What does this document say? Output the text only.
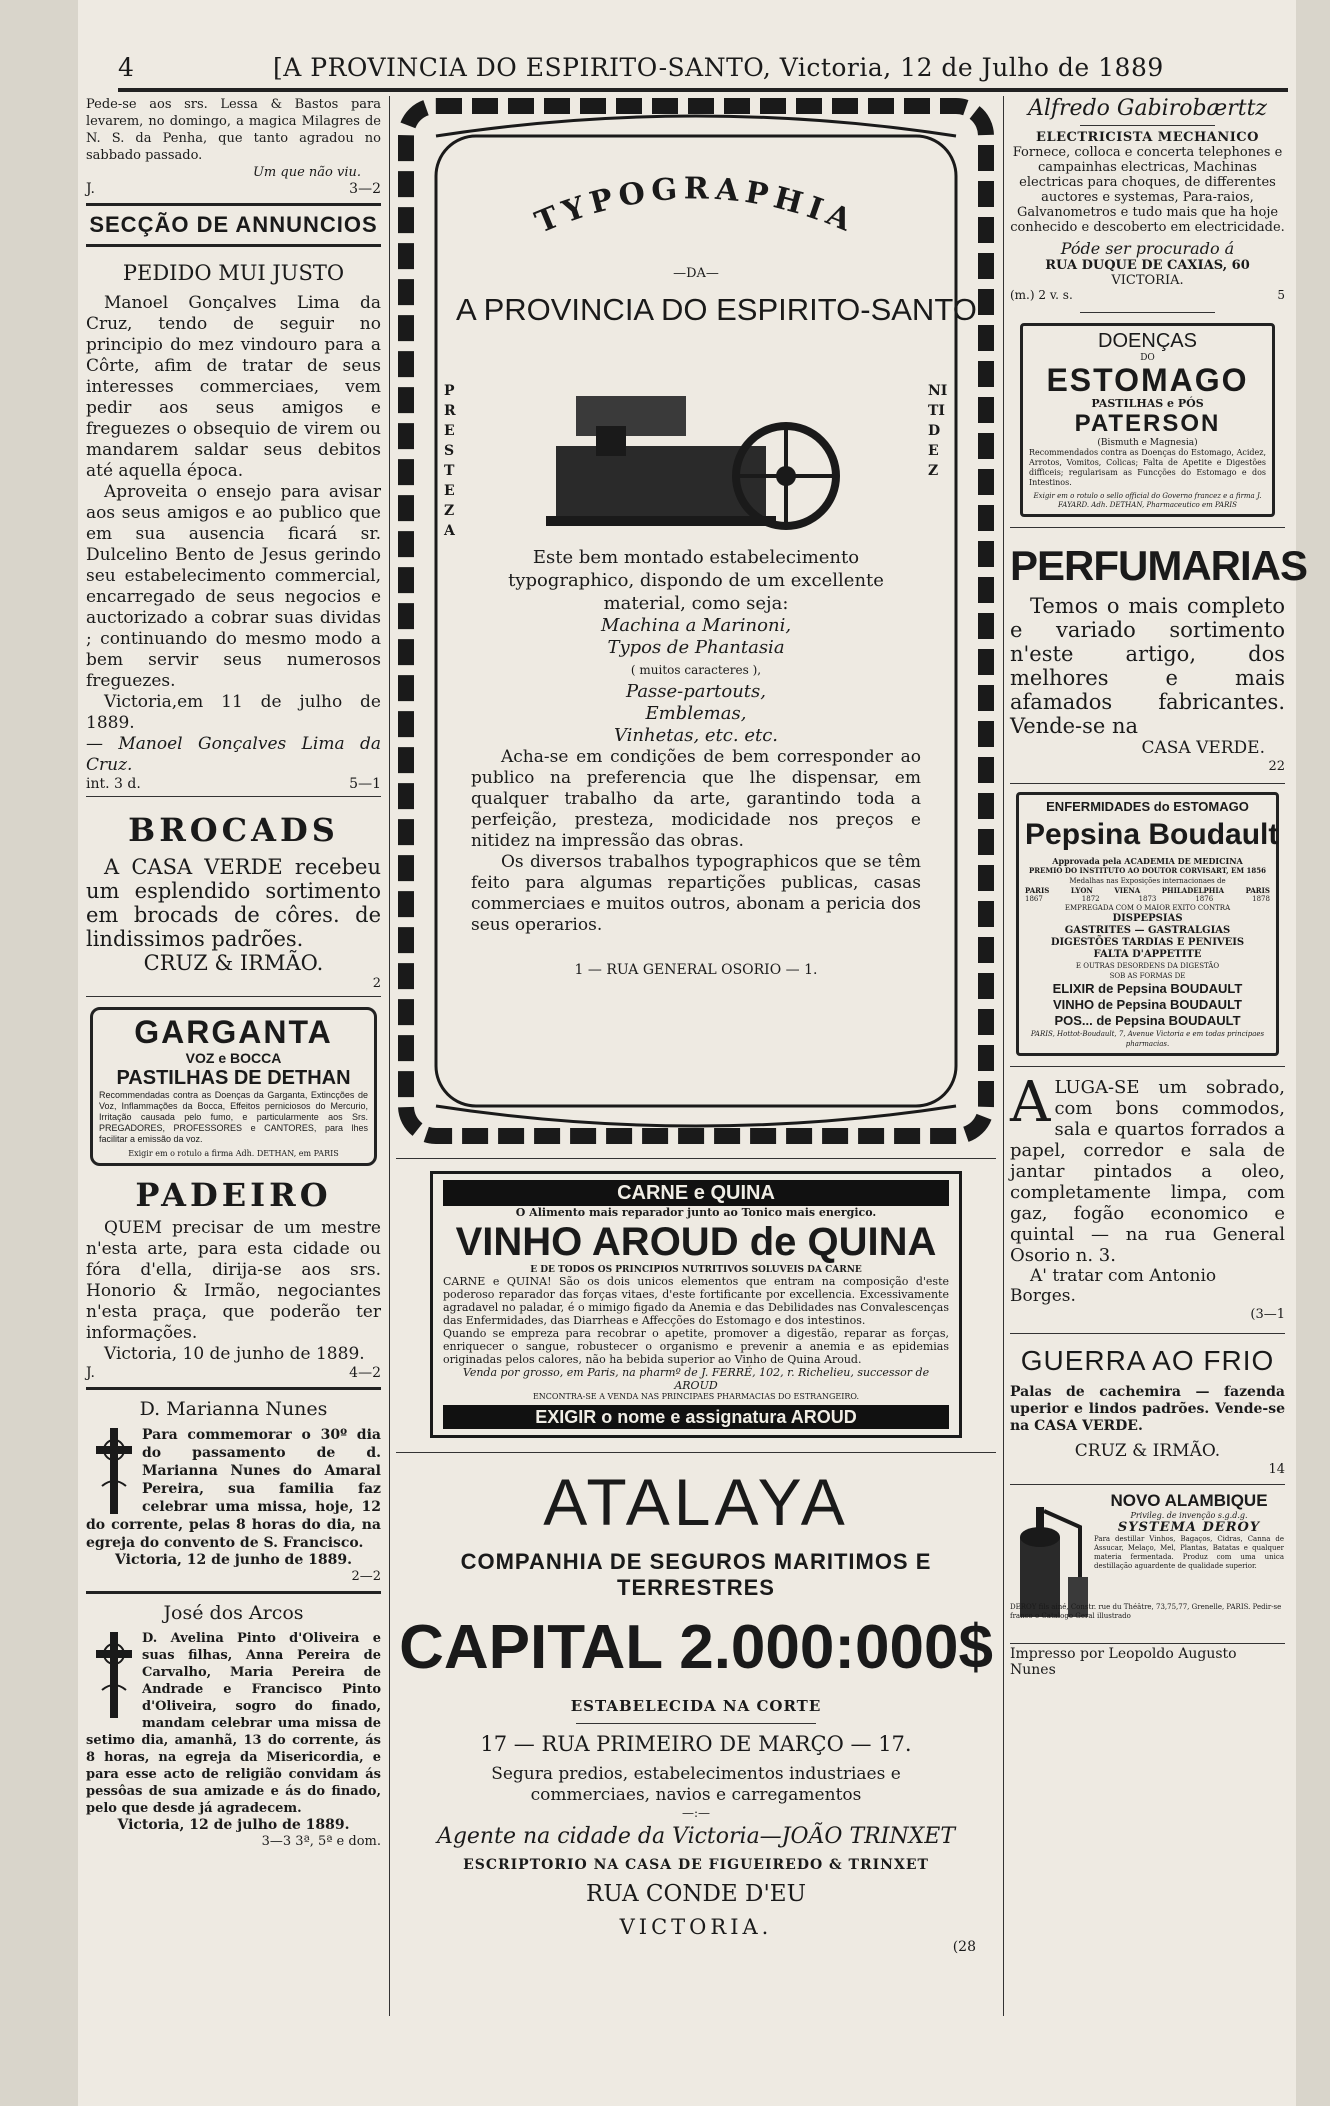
4	[A PROVINCIA DO ESPIRITO-SANTO, Victoria, 12 de Julho de 1889

Pede-se aos srs. Lessa & Bastos para levarem, no domingo, a magica Milagres de N. S. da Penha, que tanto agradou no sabbado passado.

Um que não viu.

J.	3—2
SECÇÃO DE ANNUNCIOS
PEDIDO MUI JUSTO

Manoel Gonçalves Lima da Cruz, tendo de seguir no principio do mez vindouro para a Côrte, afim de tratar de seus interesses commerciaes, vem pedir aos seus amigos e freguezes o obsequio de virem ou mandarem saldar seus debitos até aquella época.

Aproveita o ensejo para avisar aos seus amigos e ao publico que em sua ausencia ficará sr. Dulcelino Bento de Jesus gerindo seu estabelecimento commercial, encarregado de seus negocios e auctorizado a cobrar suas dividas ; continuando do mesmo modo a bem servir seus numerosos freguezes.

Victoria,em 11 de julho de 1889.

— Manoel Gonçalves Lima da Cruz.

int. 3 d.	5—1
BROCADS

A CASA VERDE recebeu um esplendido sortimento em brocads de côres. de lindissimos padrões.

CRUZ & IRMÃO.

2

GARGANTA
VOZ e BOCCA
PASTILHAS DE DETHAN

Recommendadas contra as Doenças da Garganta, Extincções de Voz, Inflammações da Bocca, Effeitos perniciosos do Mercurio, Irritação causada pelo fumo, e particularmente aos Srs. PREGADORES, PROFESSORES e CANTORES, para lhes facilitar a emissão da voz.

Exigir em o rotulo a firma Adh. DETHAN, em PARIS

PADEIRO

QUEM precisar de um mestre n'esta arte, para esta cidade ou fóra d'ella, dirija-se aos srs. Honorio & Irmão, negociantes n'esta praça, que poderão ter informações.

Victoria, 10 de junho de 1889.

J.	4—2
D. Marianna Nunes

Para commemorar o 30º dia do passamento de d. Marianna Nunes do Amaral Pereira, sua familia faz celebrar uma missa, hoje, 12 do corrente, pelas 8 horas do dia, na egreja do convento de S. Francisco.

Victoria, 12 de junho de 1889.

2—2

José dos Arcos

D. Avelina Pinto d'Oliveira e suas filhas, Anna Pereira de Carvalho, Maria Pereira de Andrade e Francisco Pinto d'Oliveira, sogro do finado, mandam celebrar uma missa de setimo dia, amanhã, 13 do corrente, ás 8 horas, na egreja da Misericordia, e para esse acto de religião convidam ás pessôas de sua amizade e ás do finado, pelo que desde já agradecem.

Victoria, 12 de julho de 1889.

3—3 3ª, 5ª e dom.

TYPOGRAPHIA
—DA—
A PROVINCIA DO ESPIRITO-SANTO
PRESTEZA
NITIDEZ

Este bem montado estabelecimento typographico, dispondo de um excellente material, como seja:

Machina a Marinoni,
Typos de Phantasia
( muitos caracteres ),
Passe-partouts,
Emblemas,
Vinhetas, etc. etc.

Acha-se em condições de bem corresponder ao publico na preferencia que lhe dispensar, em qualquer trabalho da arte, garantindo toda a perfeição, presteza, modicidade nos preços e nitidez na impressão das obras.

Os diversos trabalhos typographicos que se têm feito para algumas repartições publicas, casas commerciaes e muitos outros, abonam a pericia dos seus operarios.

1 — RUA GENERAL OSORIO — 1.

CARNE e QUINA

O Alimento mais reparador junto ao Tonico mais energico.

VINHO AROUD de QUINA

E DE TODOS OS PRINCIPIOS NUTRITIVOS SOLUVEIS DA CARNE

CARNE e QUINA! São os dois unicos elementos que entram na composição d'este poderoso reparador das forças vitaes, d'este fortificante por excellencia. Excessivamente agradavel no paladar, é o mimigo figado da Anemia e das Debilidades nas Convalescenças das Enfermidades, das Diarrheas e Affecções do Estomago e dos intestinos.

Quando se empreza para recobrar o apetite, promover a digestão, reparar as forças, enriquecer o sangue, robustecer o organismo e prevenir a anemia e as epidemias originadas pelos calores, não ha bebida superior ao Vinho de Quina Aroud.

Venda por grosso, em Paris, na pharmº de J. FERRÉ, 102, r. Richelieu, successor de AROUD

ENCONTRA-SE A VENDA NAS PRINCIPAES PHARMACIAS DO ESTRANGEIRO.

EXIGIR o nome e assignatura AROUD
ATALAYA
COMPANHIA DE SEGUROS MARITIMOS E TERRESTRES
CAPITAL 2.000:000$
ESTABELECIDA NA CORTE
17 — RUA PRIMEIRO DE MARÇO — 17.

Segura predios, estabelecimentos industriaes e commerciaes, navios e carregamentos

—:—
Agente na cidade da Victoria—JOÃO TRINXET
ESCRIPTORIO NA CASA DE FIGUEIREDO & TRINXET
RUA CONDE D'EU
VICTORIA.
(28
Alfredo Gabirobærttz
ELECTRICISTA MECHANICO

Fornece, colloca e concerta telephones e campainhas electricas, Machinas electricas para choques, de differentes auctores e systemas, Para-raios, Galvanometros e tudo mais que ha hoje conhecido e descoberto em electricidade.

Póde ser procurado á

RUA DUQUE DE CAXIAS, 60

VICTORIA.

(m.) 2 v. s.	5
DOENÇAS
DO
ESTOMAGO
PASTILHAS e PÓS
PATERSON
(Bismuth e Magnesia)

Recommendados contra as Doenças do Estomago, Acidez, Arrotos, Vomitos, Colicas; Falta de Apetite e Digestões difficeis; regularisam as Funcções do Estomago e dos Intestinos.

Exigir em o rotulo o sello official do Governo francez e a firma J. FAYARD. Adh. DETHAN, Pharmaceutico em PARIS

PERFUMARIAS

Temos o mais completo e variado sortimento n'este artigo, dos melhores e mais afamados fabricantes. Vende-se na

CASA VERDE.

22

ENFERMIDADES do ESTOMAGO
Pepsina Boudault

Approvada pela ACADEMIA DE MEDICINA

PREMIO DO INSTITUTO AO DOUTOR CORVISART, EM 1856

Medalhas nas Exposições internacionaes de

PARIS	LYON	VIENA	PHILADELPHIA	PARIS
1867	1872	1873	1876	1878

EMPREGADA COM O MAIOR EXITO CONTRA

DISPEPSIAS

GASTRITES — GASTRALGIAS

DIGESTÕES TARDIAS E PENIVEIS

FALTA D'APPETITE

E OUTRAS DESORDENS DA DIGESTÃO

SOB AS FORMAS DE

ELIXIR de Pepsina BOUDAULT

VINHO de Pepsina BOUDAULT

POS... de Pepsina BOUDAULT

PARIS, Hottot-Boudault, 7, Avenue Victoria e em todas principaes pharmacias.

A LUGA-SE um sobrado, com bons commodos, sala e quartos forrados a papel, corredor e sala de jantar pintados a oleo, completamente limpa, com gaz, fogão economico e quintal — na rua General Osorio n. 3.

A' tratar com Antonio Borges.

(3—1

GUERRA AO FRIO

Palas de cachemira — fazenda uperior e lindos padrões. Vende-se na CASA VERDE.

CRUZ & IRMÃO.

14

NOVO ALAMBIQUE
Privileg. de invenção s.g.d.g.
SYSTEMA DEROY

Para destillar Vinhos, Bagaços, Cidras, Canna de Assucar, Melaço, Mel, Plantas, Batatas e qualquer materia fermentada. Produz com uma unica destillação aguardente de qualidade superior.

DEROY fils ainé, Constr. rue du Théâtre, 73,75,77, Grenelle, PARIS. Pedir-se franco o Catalogo Geral illustrado

Impresso por Leopoldo Augusto Nunes
